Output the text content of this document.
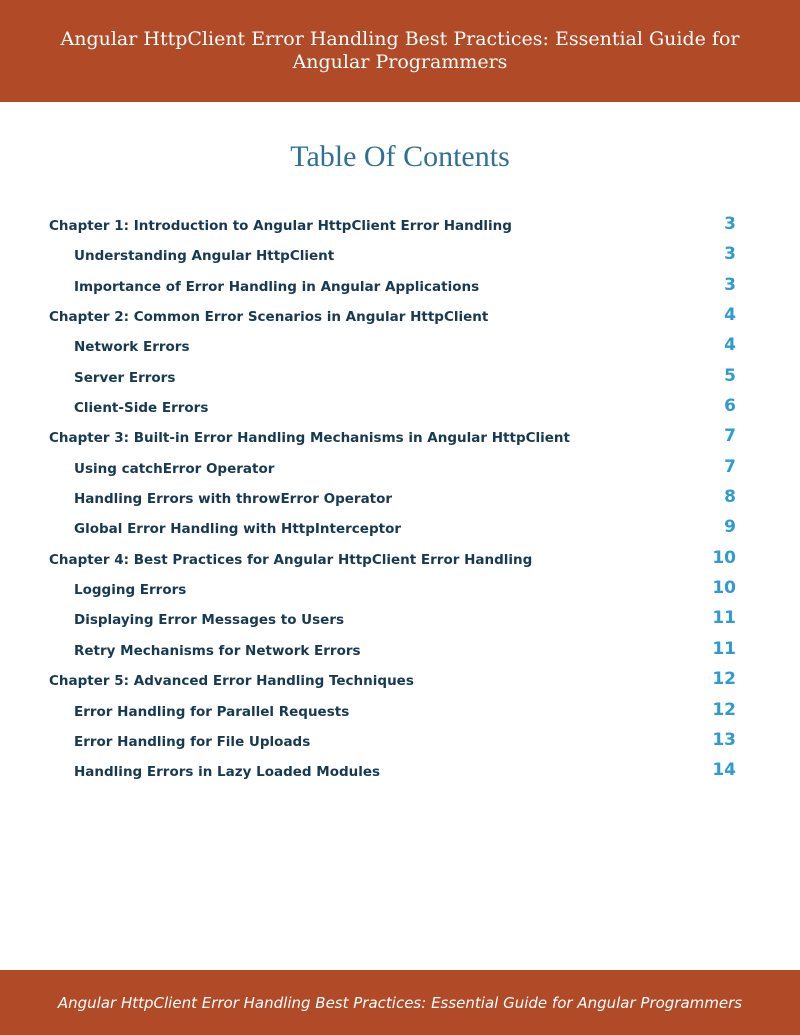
Angular HttpClient Error Handling Best Practices: Essential Guide for Angular Programmers
Table Of Contents
Chapter 1: Introduction to Angular HttpClient Error Handling	3
Understanding Angular HttpClient	3
Importance of Error Handling in Angular Applications	3
Chapter 2: Common Error Scenarios in Angular HttpClient	4
Network Errors	4
Server Errors	5
Client-Side Errors	6
Chapter 3: Built-in Error Handling Mechanisms in Angular HttpClient	7
Using catchError Operator	7
Handling Errors with throwError Operator	8
Global Error Handling with HttpInterceptor	9
Chapter 4: Best Practices for Angular HttpClient Error Handling	10
Logging Errors	10
Displaying Error Messages to Users	11
Retry Mechanisms for Network Errors	11
Chapter 5: Advanced Error Handling Techniques	12
Error Handling for Parallel Requests	12
Error Handling for File Uploads	13
Handling Errors in Lazy Loaded Modules	14
Angular HttpClient Error Handling Best Practices: Essential Guide for Angular Programmers
